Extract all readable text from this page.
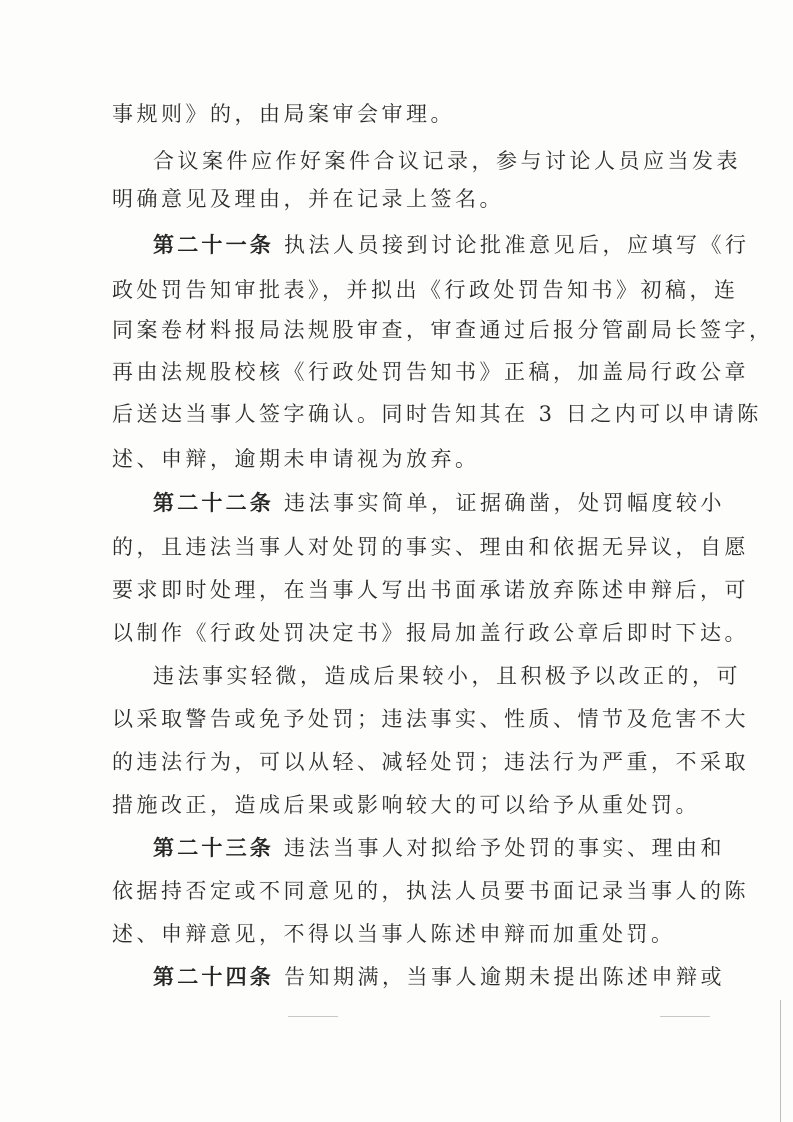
事规则》的，由局案审会审理。
合议案件应作好案件合议记录，参与讨论人员应当发表
明确意见及理由，并在记录上签名。
第二十一条 执法人员接到讨论批准意见后，应填写《行
政处罚告知审批表》，并拟出《行政处罚告知书》初稿，连
同案卷材料报局法规股审查，审查通过后报分管副局长签字，
再由法规股校核《行政处罚告知书》正稿，加盖局行政公章
后送达当事人签字确认。同时告知其在 3 日之内可以申请陈
述、申辩，逾期未申请视为放弃。
第二十二条 违法事实简单，证据确凿，处罚幅度较小
的，且违法当事人对处罚的事实、理由和依据无异议，自愿
要求即时处理，在当事人写出书面承诺放弃陈述申辩后，可
以制作《行政处罚决定书》报局加盖行政公章后即时下达。
违法事实轻微，造成后果较小，且积极予以改正的，可
以采取警告或免予处罚；违法事实、性质、情节及危害不大
的违法行为，可以从轻、减轻处罚；违法行为严重，不采取
措施改正，造成后果或影响较大的可以给予从重处罚。
第二十三条 违法当事人对拟给予处罚的事实、理由和
依据持否定或不同意见的，执法人员要书面记录当事人的陈
述、申辩意见，不得以当事人陈述申辩而加重处罚。
第二十四条 告知期满，当事人逾期未提出陈述申辩或
